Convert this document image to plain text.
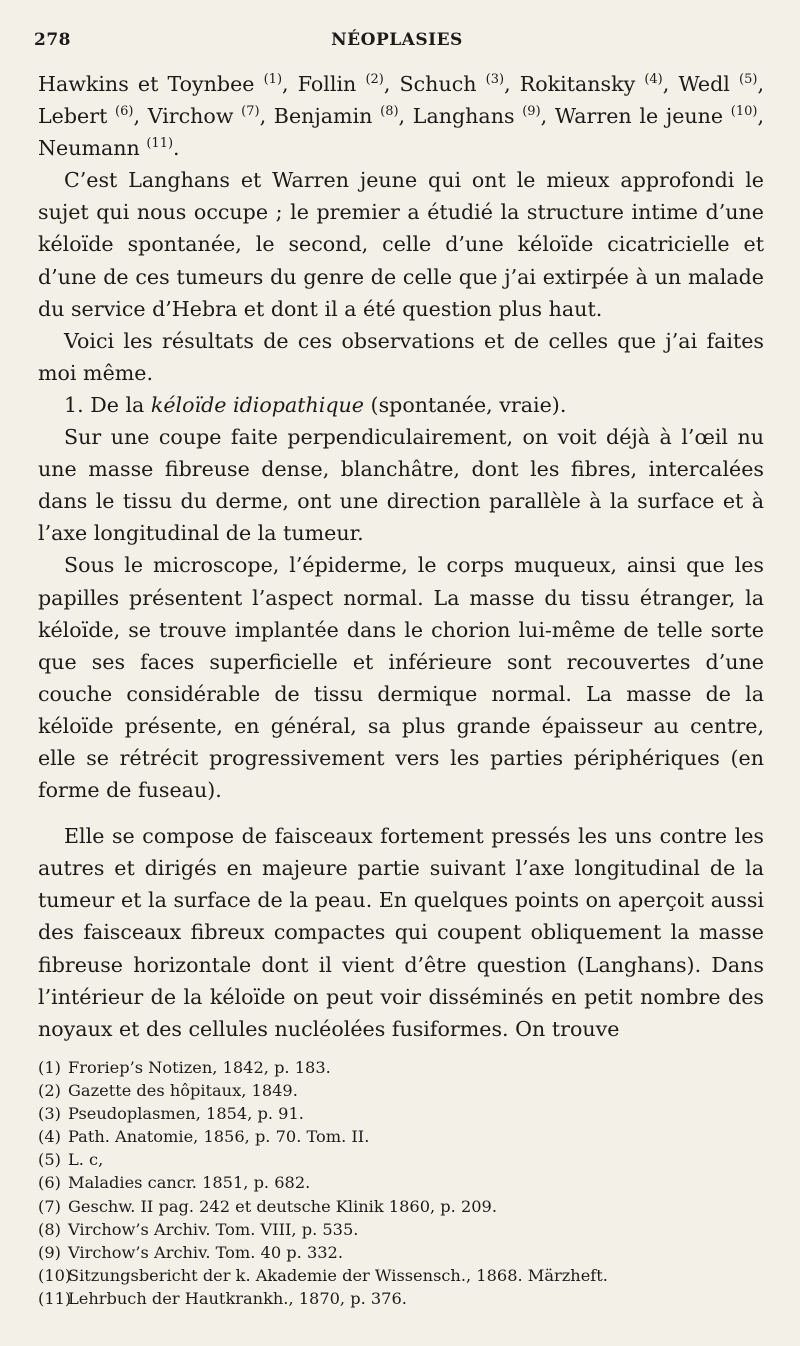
278	NÉOPLASIES

Hawkins et Toynbee $^{(1)}$, Follin $^{(2)}$, Schuch $^{(3)}$, Rokitansky $^{(4)}$, Wedl $^{(5)}$, Lebert $^{(6)}$, Virchow $^{(7)}$, Benjamin $^{(8)}$, Langhans $^{(9)}$, Warren le jeune $^{(10)}$, Neumann $^{(11)}$.

C’est Langhans et Warren jeune qui ont le mieux approfondi le sujet qui nous occupe ; le premier a étudié la structure intime d’une kéloïde spontanée, le second, celle d’une kéloïde cicatricielle et d’une de ces tumeurs du genre de celle que j’ai extirpée à un malade du service d’Hebra et dont il a été question plus haut.

Voici les résultats de ces observations et de celles que j’ai faites moi même.

1. De la kéloïde idiopathique (spontanée, vraie).

Sur une coupe faite perpendiculairement, on voit déjà à l’œil nu une masse fibreuse dense, blanchâtre, dont les fibres, intercalées dans le tissu du derme, ont une direction parallèle à la surface et à l’axe longitudinal de la tumeur.

Sous le microscope, l’épiderme, le corps muqueux, ainsi que les papilles présentent l’aspect normal. La masse du tissu étranger, la kéloïde, se trouve implantée dans le chorion lui-même de telle sorte que ses faces superficielle et inférieure sont recouvertes d’une couche considérable de tissu dermique normal. La masse de la kéloïde présente, en général, sa plus grande épaisseur au centre, elle se rétrécit progressivement vers les parties périphériques (en forme de fuseau).

Elle se compose de faisceaux fortement pressés les uns contre les autres et dirigés en majeure partie suivant l’axe longitudinal de la tumeur et la surface de la peau. En quelques points on aperçoit aussi des faisceaux fibreux compactes qui coupent obliquement la masse fibreuse horizontale dont il vient d’être question (Langhans). Dans l’intérieur de la kéloïde on peut voir disséminés en petit nombre des noyaux et des cellules nucléolées fusiformes. On trouve

(1) Froriep’s Notizen, 1842, p. 183.
(2) Gazette des hôpitaux, 1849.
(3) Pseudoplasmen, 1854, p. 91.
(4) Path. Anatomie, 1856, p. 70. Tom. II.
(5) L. c,
(6) Maladies cancr. 1851, p. 682.
(7) Geschw. II pag. 242 et deutsche Klinik 1860, p. 209.
(8) Virchow’s Archiv. Tom. VIII, p. 535.
(9) Virchow’s Archiv. Tom. 40 p. 332.
(10)Sitzungsbericht der k. Akademie der Wissensch., 1868. Märzheft.
(11)Lehrbuch der Hautkrankh., 1870, p. 376.
